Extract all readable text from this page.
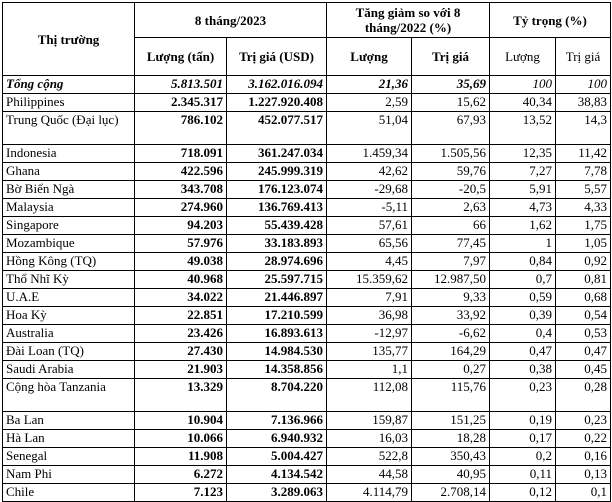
Thị trường	8 tháng/2023		Tăng giảm so với 8 tháng/2022 (%)		Tỷ trọng (%)	
	Lượng (tấn)	Trị giá (USD)	Lượng	Trị giá	Lượng	Trị giá
Tổng cộng	5.813.501	3.162.016.094	21,36	35,69	100	100
Philippines	2.345.317	1.227.920.408	2,59	15,62	40,34	38,83
Trung Quốc (Đại lục)	786.102	452.077.517	51,04	67,93	13,52	14,3
Indonesia	718.091	361.247.034	1.459,34	1.505,56	12,35	11,42
Ghana	422.596	245.999.319	42,62	59,76	7,27	7,78
Bờ Biển Ngà	343.708	176.123.074	-29,68	-20,5	5,91	5,57
Malaysia	274.960	136.769.413	-5,11	2,63	4,73	4,33
Singapore	94.203	55.439.428	57,61	66	1,62	1,75
Mozambique	57.976	33.183.893	65,56	77,45	1	1,05
Hồng Kông (TQ)	49.038	28.974.696	4,45	7,97	0,84	0,92
Thổ Nhĩ Kỳ	40.968	25.597.715	15.359,62	12.987,50	0,7	0,81
U.A.E	34.022	21.446.897	7,91	9,33	0,59	0,68
Hoa Kỳ	22.851	17.210.599	36,98	33,92	0,39	0,54
Australia	23.426	16.893.613	-12,97	-6,62	0,4	0,53
Đài Loan (TQ)	27.430	14.984.530	135,77	164,29	0,47	0,47
Saudi Arabia	21.903	14.358.856	1,1	0,27	0,38	0,45
Cộng hòa Tanzania	13.329	8.704.220	112,08	115,76	0,23	0,28
Ba Lan	10.904	7.136.966	159,87	151,25	0,19	0,23
Hà Lan	10.066	6.940.932	16,03	18,28	0,17	0,22
Senegal	11.908	5.004.427	522,8	350,43	0,2	0,16
Nam Phi	6.272	4.134.542	44,58	40,95	0,11	0,13
Chile	7.123	3.289.063	4.114,79	2.708,14	0,12	0,1
